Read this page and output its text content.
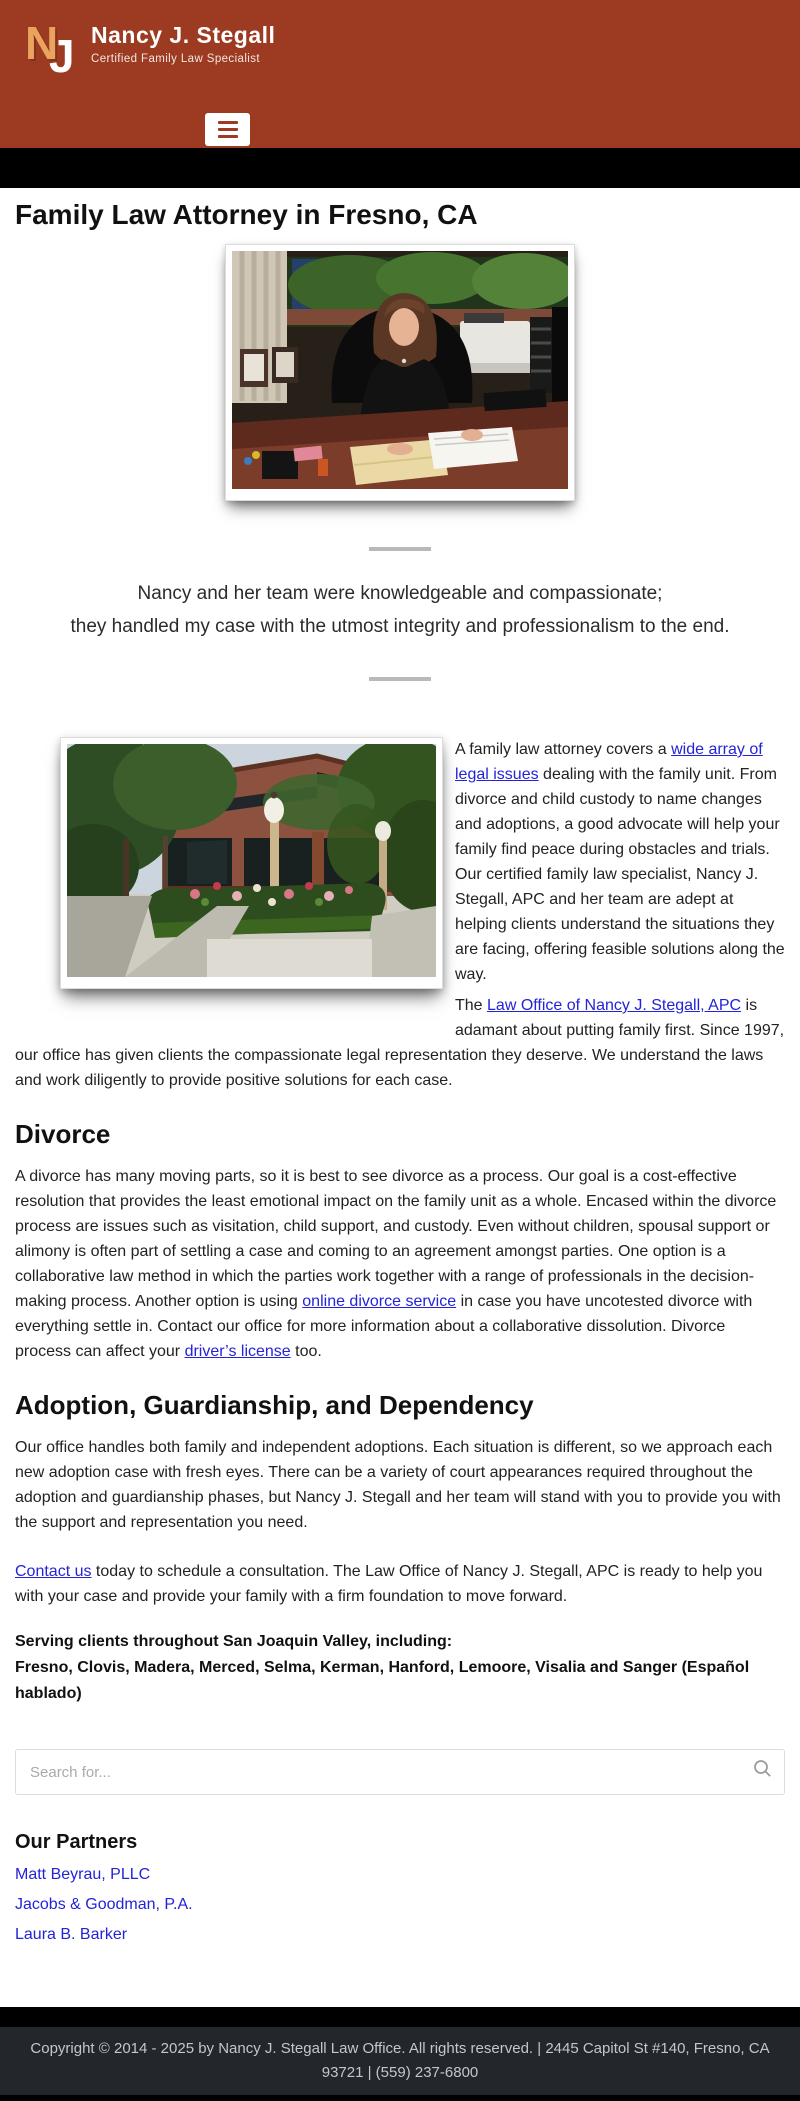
N
J Nancy J. Stegall
Certified Family Law Specialist
Family Law Attorney in Fresno, CA
Nancy and her team were knowledgeable and compassionate;
they handled my case with the utmost integrity and professionalism to the end.

A family law attorney covers a wide array of legal issues dealing with the family unit. From divorce and child custody to name changes and adoptions, a good advocate will help your family find peace during obstacles and trials. Our certified family law specialist, Nancy J. Stegall, APC and her team are adept at helping clients understand the situations they are facing, offering feasible solutions along the way.

The Law Office of Nancy J. Stegall, APC is adamant about putting family first. Since 1997, our office has given clients the compassionate legal representation they deserve. We understand the laws and work diligently to provide positive solutions for each case.

Divorce

A divorce has many moving parts, so it is best to see divorce as a process. Our goal is a cost-effective resolution that provides the least emotional impact on the family unit as a whole. Encased within the divorce process are issues such as visitation, child support, and custody. Even without children, spousal support or alimony is often part of settling a case and coming to an agreement amongst parties. One option is a collaborative law method in which the parties work together with a range of professionals in the decision-making process. Another option is using online divorce service in case you have uncotested divorce with everything settle in. Contact our office for more information about a collaborative dissolution. Divorce process can affect your driver’s license too.

Adoption, Guardianship, and Dependency

Our office handles both family and independent adoptions. Each situation is different, so we approach each new adoption case with fresh eyes. There can be a variety of court appearances required throughout the adoption and guardianship phases, but Nancy J. Stegall and her team will stand with you to provide you with the support and representation you need.

Contact us today to schedule a consultation. The Law Office of Nancy J. Stegall, APC is ready to help you with your case and provide your family with a firm foundation to move forward.

Serving clients throughout San Joaquin Valley, including:
Fresno, Clovis, Madera, Merced, Selma, Kerman, Hanford, Lemoore, Visalia and Sanger (Español hablado)

Search for...
Our Partners
Matt Beyrau, PLLC
Jacobs & Goodman, P.A.
Laura B. Barker
Copyright © 2014 - 2025 by Nancy J. Stegall Law Office. All rights reserved. | 2445 Capitol St #140, Fresno, CA 93721 | (559) 237-6800
